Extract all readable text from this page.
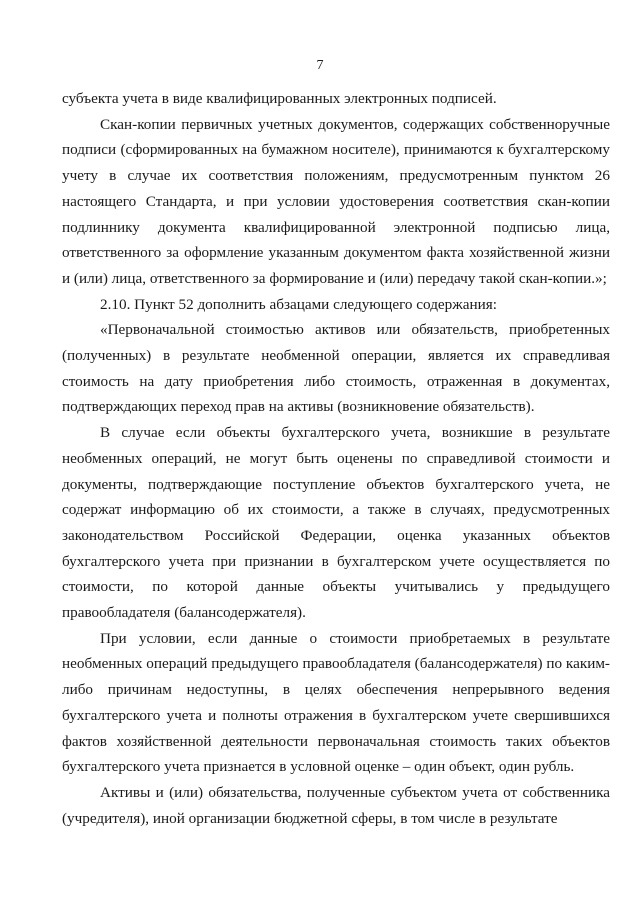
7

субъекта учета в виде квалифицированных электронных подписей.

Скан-копии первичных учетных документов, содержащих собственноручные подписи (сформированных на бумажном носителе), принимаются к бухгалтерскому учету в случае их соответствия положениям, предусмотренным пунктом 26 настоящего Стандарта, и при условии удостоверения соответствия скан-копии подлиннику документа квалифицированной электронной подписью лица, ответственного за оформление указанным документом факта хозяйственной жизни и (или) лица, ответственного за формирование и (или) передачу такой скан-копии.»;

2.10. Пункт 52 дополнить абзацами следующего содержания:

«Первоначальной стоимостью активов или обязательств, приобретенных (полученных) в результате необменной операции, является их справедливая стоимость на дату приобретения либо стоимость, отраженная в документах, подтверждающих переход прав на активы (возникновение обязательств).

В случае если объекты бухгалтерского учета, возникшие в результате необменных операций, не могут быть оценены по справедливой стоимости и документы, подтверждающие поступление объектов бухгалтерского учета, не содержат информацию об их стоимости, а также в случаях, предусмотренных законодательством Российской Федерации, оценка указанных объектов бухгалтерского учета при признании в бухгалтерском учете осуществляется по стоимости, по которой данные объекты учитывались у предыдущего правообладателя (балансодержателя).

При условии, если данные о стоимости приобретаемых в результате необменных операций предыдущего правообладателя (балансодержателя) по каким-либо причинам недоступны, в целях обеспечения непрерывного ведения бухгалтерского учета и полноты отражения в бухгалтерском учете свершившихся фактов хозяйственной деятельности первоначальная стоимость таких объектов бухгалтерского учета признается в условной оценке – один объект, один рубль.

Активы и (или) обязательства, полученные субъектом учета от собственника (учредителя), иной организации бюджетной сферы, в том числе в результате
